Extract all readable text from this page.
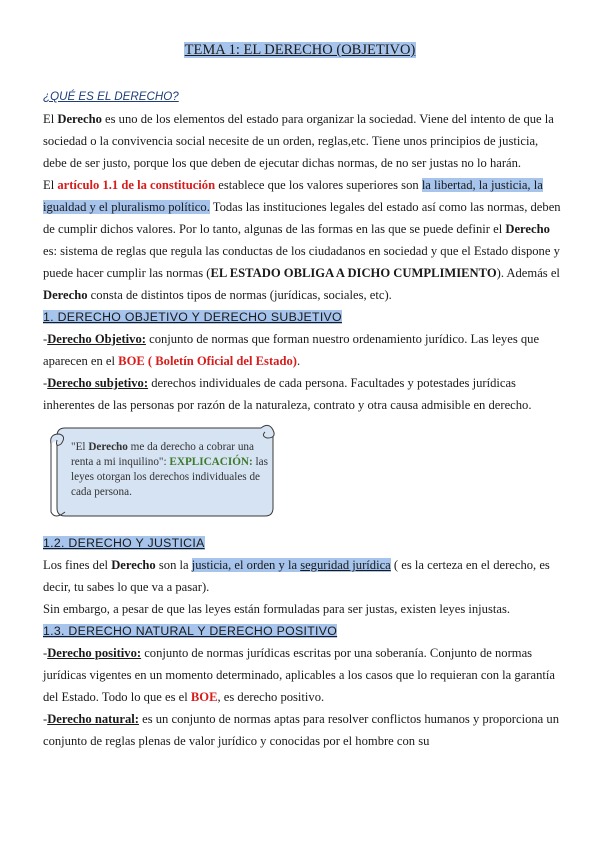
TEMA 1: EL DERECHO (OBJETIVO)

¿QUÉ ES EL DERECHO?

El Derecho es uno de los elementos del estado para organizar la sociedad. Viene del intento de que la sociedad o la convivencia social necesite de un orden, reglas,etc. Tiene unos principios de justicia, debe de ser justo, porque los que deben de ejecutar dichas normas, de no ser justas no lo harán.

El artículo 1.1 de la constitución establece que los valores superiores son la libertad, la justicia, la igualdad y el pluralismo político. Todas las instituciones legales del estado así como las normas, deben de cumplir dichos valores. Por lo tanto, algunas de las formas en las que se puede definir el Derecho es: sistema de reglas que regula las conductas de los ciudadanos en sociedad y que el Estado dispone y puede hacer cumplir las normas (EL ESTADO OBLIGA A DICHO CUMPLIMIENTO). Además el Derecho consta de distintos tipos de normas (jurídicas, sociales, etc).

1. DERECHO OBJETIVO Y DERECHO SUBJETIVO

-Derecho Objetivo: conjunto de normas que forman nuestro ordenamiento jurídico. Las leyes que aparecen en el BOE ( Boletín Oficial del Estado).

-Derecho subjetivo: derechos individuales de cada persona. Facultades y potestades jurídicas inherentes de las personas por razón de la naturaleza, contrato y otra causa admisible en derecho.

"El Derecho me da derecho a cobrar una renta a mi inquilino": EXPLICACIÓN: las leyes otorgan los derechos individuales de cada persona.

1.2. DERECHO Y JUSTICIA

Los fines del Derecho son la justicia, el orden y la seguridad jurídica ( es la certeza en el derecho, es decir, tu sabes lo que va a pasar).

Sin embargo, a pesar de que las leyes están formuladas para ser justas, existen leyes injustas.

1.3. DERECHO NATURAL Y DERECHO POSITIVO

-Derecho positivo: conjunto de normas jurídicas escritas por una soberanía. Conjunto de normas jurídicas vigentes en un momento determinado, aplicables a los casos que lo requieran con la garantía del Estado. Todo lo que es el BOE, es derecho positivo.

-Derecho natural: es un conjunto de normas aptas para resolver conflictos humanos y proporciona un conjunto de reglas plenas de valor jurídico y conocidas por el hombre con su
